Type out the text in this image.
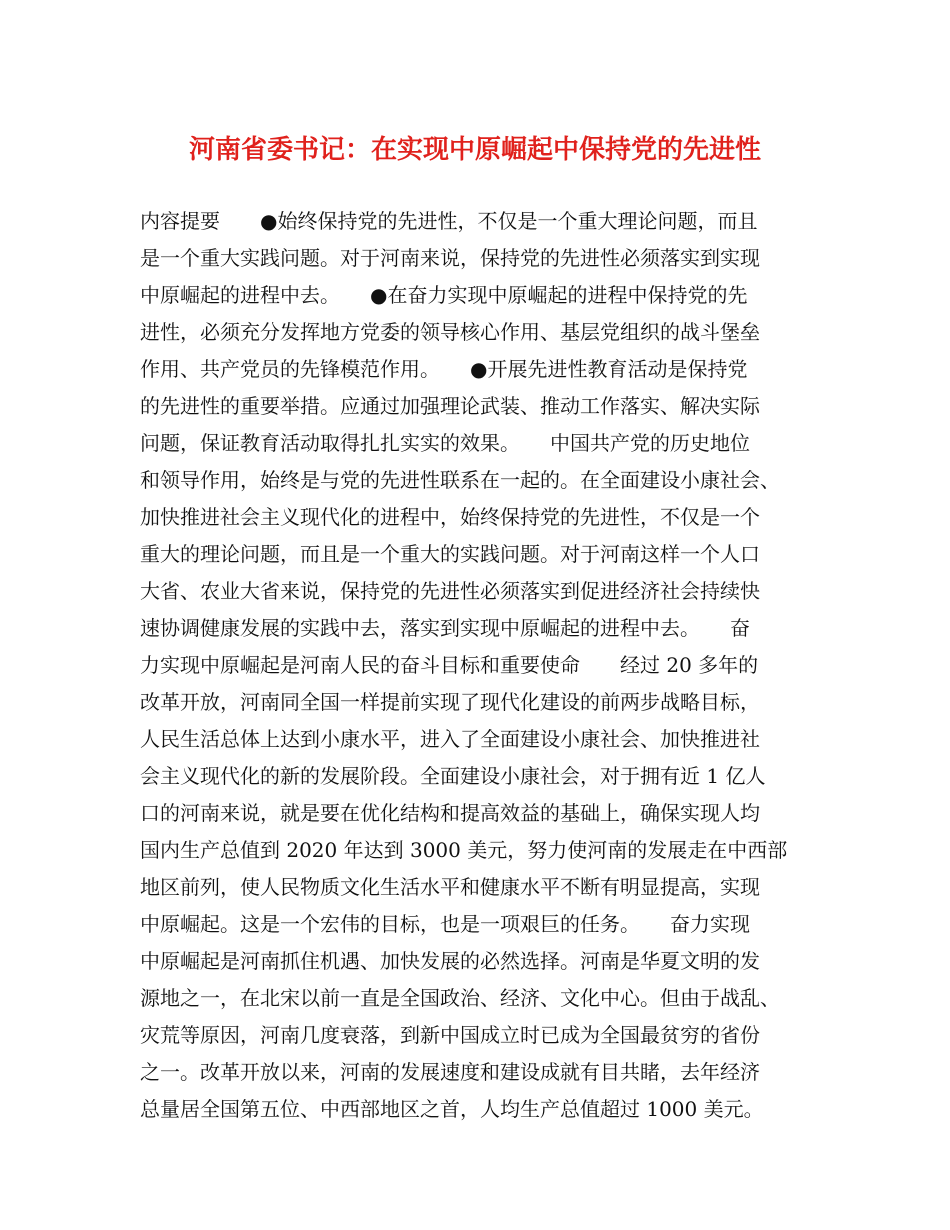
河南省委书记：在实现中原崛起中保持党的先进性
内容提要　　●始终保持党的先进性，不仅是一个重大理论问题，而且
是一个重大实践问题。对于河南来说，保持党的先进性必须落实到实现
中原崛起的进程中去。　　●在奋力实现中原崛起的进程中保持党的先
进性，必须充分发挥地方党委的领导核心作用、基层党组织的战斗堡垒
作用、共产党员的先锋模范作用。　　●开展先进性教育活动是保持党
的先进性的重要举措。应通过加强理论武装、推动工作落实、解决实际
问题，保证教育活动取得扎扎实实的效果。　　中国共产党的历史地位
和领导作用，始终是与党的先进性联系在一起的。在全面建设小康社会、
加快推进社会主义现代化的进程中，始终保持党的先进性，不仅是一个
重大的理论问题，而且是一个重大的实践问题。对于河南这样一个人口
大省、农业大省来说，保持党的先进性必须落实到促进经济社会持续快
速协调健康发展的实践中去，落实到实现中原崛起的进程中去。　　奋
力实现中原崛起是河南人民的奋斗目标和重要使命　　经过 20 多年的
改革开放，河南同全国一样提前实现了现代化建设的前两步战略目标，
人民生活总体上达到小康水平，进入了全面建设小康社会、加快推进社
会主义现代化的新的发展阶段。全面建设小康社会，对于拥有近 1 亿人
口的河南来说，就是要在优化结构和提高效益的基础上，确保实现人均
国内生产总值到 2020 年达到 3000 美元，努力使河南的发展走在中西部
地区前列，使人民物质文化生活水平和健康水平不断有明显提高，实现
中原崛起。这是一个宏伟的目标，也是一项艰巨的任务。　　奋力实现
中原崛起是河南抓住机遇、加快发展的必然选择。河南是华夏文明的发
源地之一，在北宋以前一直是全国政治、经济、文化中心。但由于战乱、
灾荒等原因，河南几度衰落，到新中国成立时已成为全国最贫穷的省份
之一。改革开放以来，河南的发展速度和建设成就有目共睹，去年经济
总量居全国第五位、中西部地区之首，人均生产总值超过 1000 美元。
